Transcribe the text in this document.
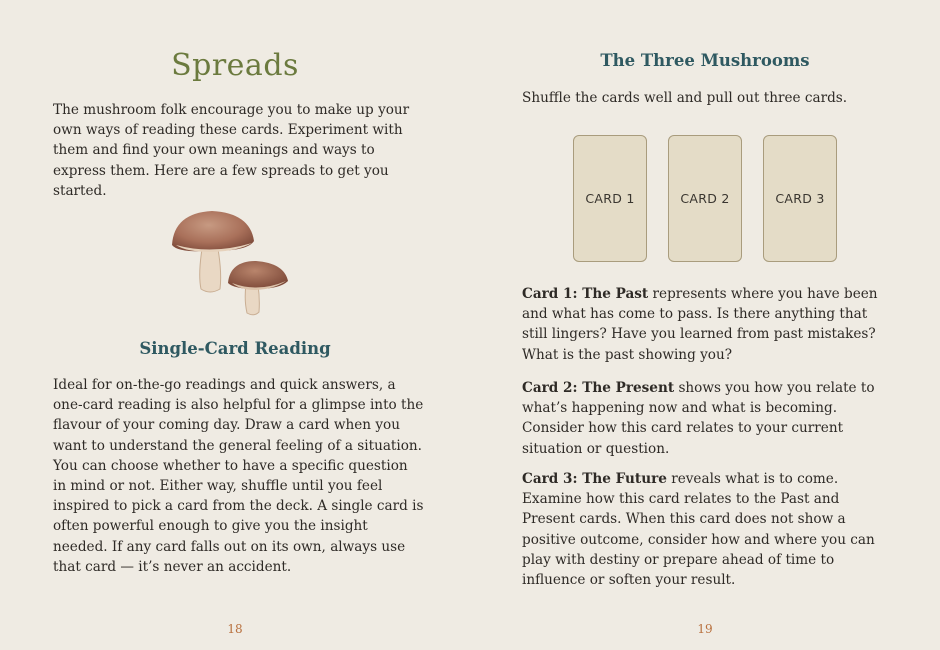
Spreads
The mushroom folk encourage you to make up your own ways of reading these cards. Experiment with them and find your own meanings and ways to express them. Here are a few spreads to get you started.
Single-Card Reading
Ideal for on-the-go readings and quick answers, a one-card reading is also helpful for a glimpse into the flavour of your coming day. Draw a card when you want to understand the general feeling of a situation. You can choose whether to have a specific question in mind or not. Either way, shuffle until you feel inspired to pick a card from the deck. A single card is often powerful enough to give you the insight needed. If any card falls out on its own, always use that card — it’s never an accident.
18
The Three Mushrooms
Shuffle the cards well and pull out three cards.
CARD 1	CARD 2	CARD 3
Card 1: The Past represents where you have been and what has come to pass. Is there anything that still lingers? Have you learned from past mistakes? What is the past showing you?
Card 2: The Present shows you how you relate to what’s happening now and what is becoming. Consider how this card relates to your current situation or question.
Card 3: The Future reveals what is to come. Examine how this card relates to the Past and Present cards. When this card does not show a positive outcome, consider how and where you can play with destiny or prepare ahead of time to influence or soften your result.
19
